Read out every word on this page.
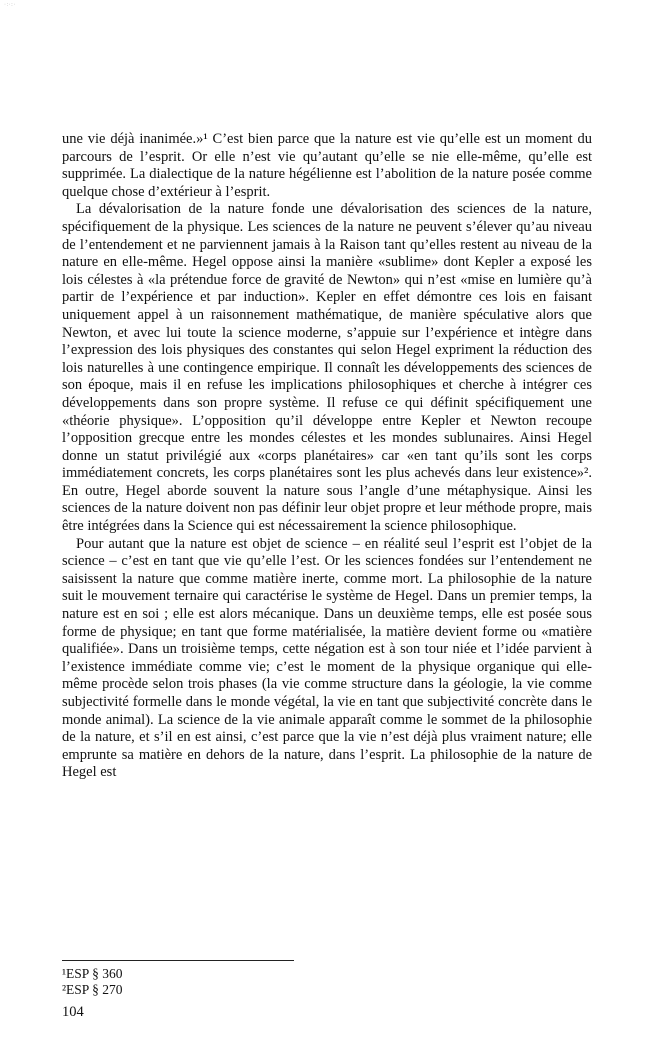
·:·:·

une vie déjà inanimée.»¹ C’est bien parce que la nature est vie qu’elle est un moment du parcours de l’esprit. Or elle n’est vie qu’autant qu’elle se nie elle-même, qu’elle est supprimée. La dialectique de la nature hégélienne est l’abolition de la nature posée comme quelque chose d’extérieur à l’esprit.

La dévalorisation de la nature fonde une dévalorisation des sciences de la nature, spécifiquement de la physique. Les sciences de la nature ne peuvent s’élever qu’au niveau de l’entendement et ne parviennent jamais à la Raison tant qu’elles restent au niveau de la nature en elle-même. Hegel oppose ainsi la manière «sublime» dont Kepler a exposé les lois célestes à «la prétendue force de gravité de Newton» qui n’est «mise en lumière qu’à partir de l’expérience et par induction». Kepler en effet démontre ces lois en faisant uniquement appel à un raisonnement mathématique, de manière spéculative alors que Newton, et avec lui toute la science moderne, s’appuie sur l’expérience et intègre dans l’expression des lois physiques des constantes qui selon Hegel expriment la réduction des lois naturelles à une contingence empirique. Il connaît les développements des sciences de son époque, mais il en refuse les implications philosophiques et cherche à intégrer ces développements dans son propre système. Il refuse ce qui définit spécifiquement une «théorie physique». L’opposition qu’il développe entre Kepler et Newton recoupe l’opposition grecque entre les mondes célestes et les mondes sublunaires. Ainsi Hegel donne un statut privilégié aux «corps planétaires» car «en tant qu’ils sont les corps immédiatement concrets, les corps planétaires sont les plus achevés dans leur existence»². En outre, Hegel aborde souvent la nature sous l’angle d’une métaphysique. Ainsi les sciences de la nature doivent non pas définir leur objet propre et leur méthode propre, mais être intégrées dans la Science qui est nécessairement la science philosophique.

Pour autant que la nature est objet de science – en réalité seul l’esprit est l’objet de la science – c’est en tant que vie qu’elle l’est. Or les sciences fondées sur l’entendement ne saisissent la nature que comme matière inerte, comme mort. La philosophie de la nature suit le mouvement ternaire qui caractérise le système de Hegel. Dans un premier temps, la nature est en soi ; elle est alors mécanique. Dans un deuxième temps, elle est posée sous forme de physique; en tant que forme matérialisée, la matière devient forme ou «matière qualifiée». Dans un troisième temps, cette négation est à son tour niée et l’idée parvient à l’existence immédiate comme vie; c’est le moment de la physique organique qui elle-même procède selon trois phases (la vie comme structure dans la géologie, la vie comme subjectivité formelle dans le monde végétal, la vie en tant que subjectivité concrète dans le monde animal). La science de la vie animale apparaît comme le sommet de la philosophie de la nature, et s’il en est ainsi, c’est parce que la vie n’est déjà plus vraiment nature; elle emprunte sa matière en dehors de la nature, dans l’esprit. La philosophie de la nature de Hegel est

¹ESP § 360
²ESP § 270
104
